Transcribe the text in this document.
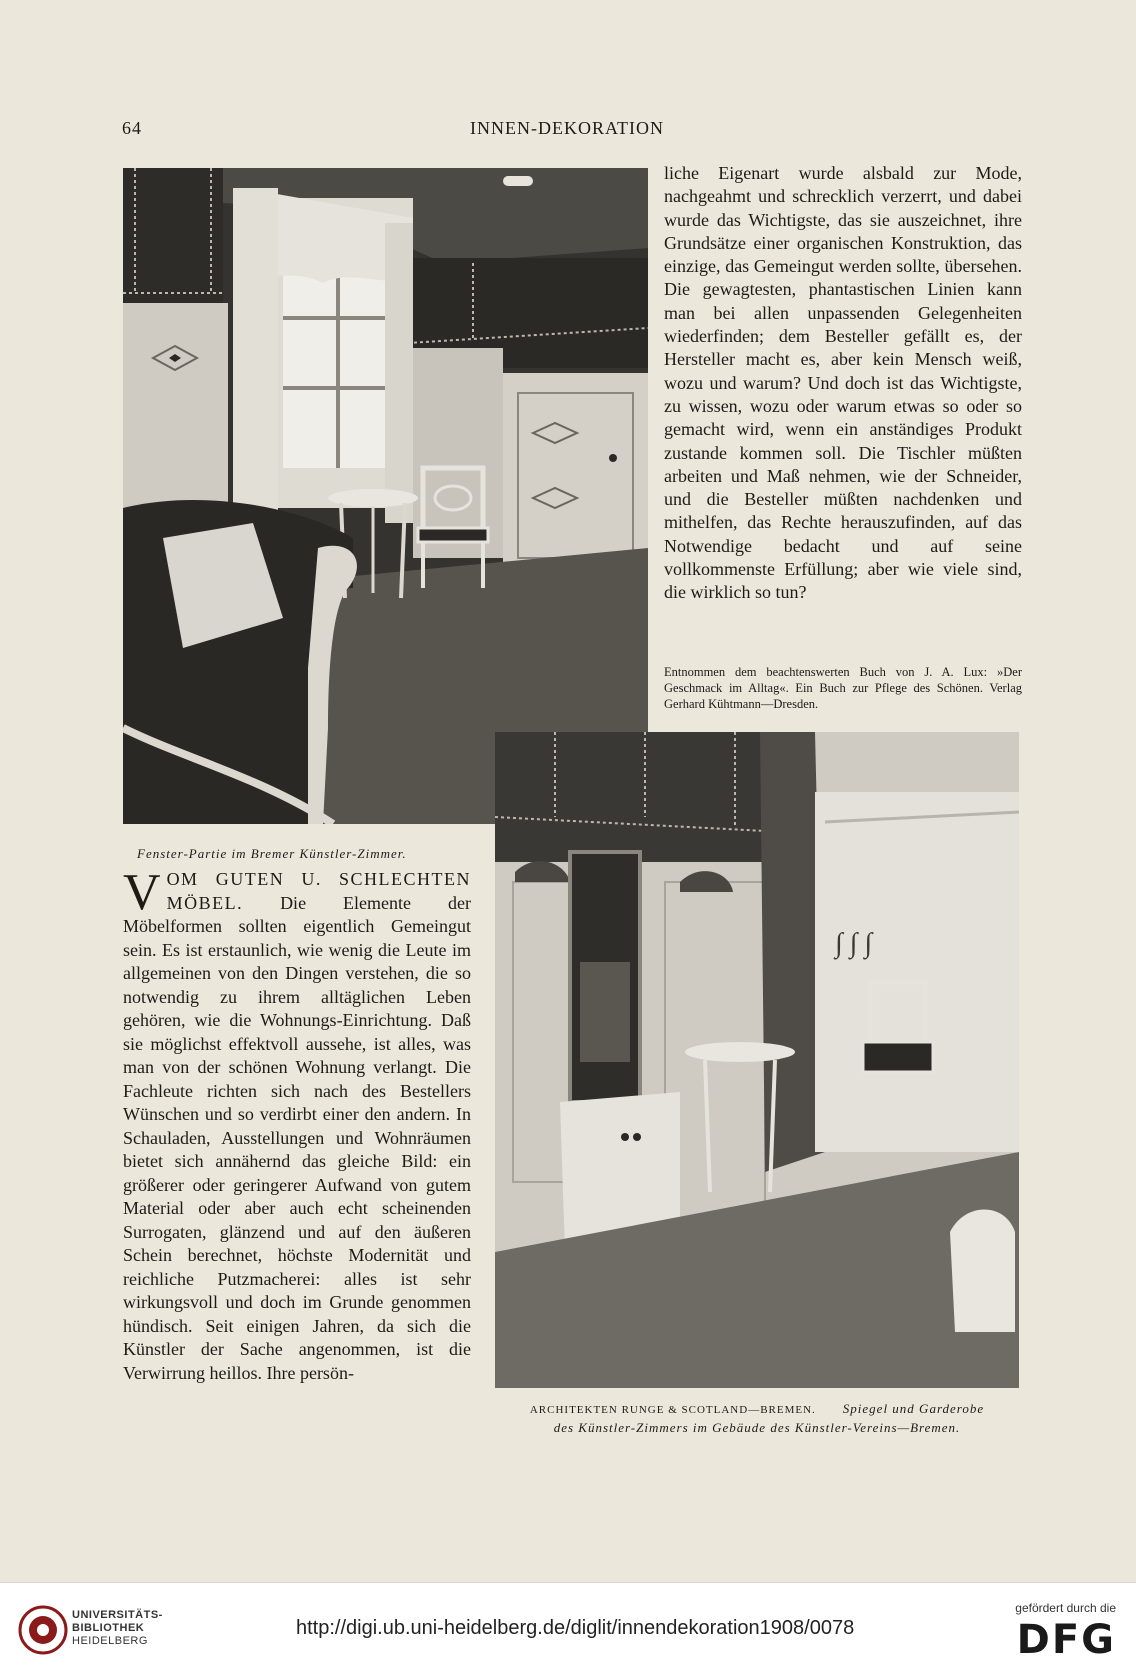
64	INNEN-DEKORATION
Fenster-Partie im Bremer Künstler-Zimmer.

liche Eigenart wurde alsbald zur Mode, nachgeahmt und schrecklich verzerrt, und dabei wurde das Wichtigste, das sie auszeichnet, ihre Grundsätze einer organischen Konstruktion, das einzige, das Gemeingut werden sollte, übersehen. Die gewagtesten, phantastischen Linien kann man bei allen unpassenden Gelegenheiten wiederfinden; dem Besteller gefällt es, der Hersteller macht es, aber kein Mensch weiß, wozu und warum? Und doch ist das Wichtigste, zu wissen, wozu oder warum etwas so oder so gemacht wird, wenn ein anständiges Produkt zustande kommen soll. Die Tischler müßten arbeiten und Maß nehmen, wie der Schneider, und die Besteller müßten nachdenken und mithelfen, das Rechte herauszufinden, auf das Notwendige bedacht und auf seine vollkommenste Erfüllung; aber wie viele sind, die wirklich so tun?

Entnommen dem beachtenswerten Buch von J. A. Lux: »Der Geschmack im Alltag«. Ein Buch zur Pflege des Schönen. Verlag Gerhard Kühtmann—Dresden.

VOM GUTEN U. SCHLECHTEN MÖBEL. Die Elemente der Möbelformen sollten eigentlich Gemeingut sein. Es ist erstaunlich, wie wenig die Leute im allgemeinen von den Dingen verstehen, die so notwendig zu ihrem alltäglichen Leben gehören, wie die Wohnungs-Einrichtung. Daß sie möglichst effektvoll aussehe, ist alles, was man von der schönen Wohnung verlangt. Die Fachleute richten sich nach des Bestellers Wünschen und so verdirbt einer den andern. In Schauladen, Ausstellungen und Wohnräumen bietet sich annähernd das gleiche Bild: ein größerer oder geringerer Aufwand von gutem Material oder aber auch echt scheinenden Surrogaten, glänzend und auf den äußeren Schein berechnet, höchste Modernität und reichliche Putzmacherei: alles ist sehr wirkungsvoll und doch im Grunde genommen hündisch. Seit einigen Jahren, da sich die Künstler der Sache angenommen, ist die Verwirrung heillos. Ihre persön-

∫ ∫ ∫
ARCHITEKTEN RUNGE & SCOTLAND—BREMEN. Spiegel und Garderobe
des Künstler-Zimmers im Gebäude des Künstler-Vereins—Bremen.
UNIVERSITÄTS-
BIBLIOTHEK
HEIDELBERG
http://digi.ub.uni-heidelberg.de/diglit/innendekoration1908/0078
gefördert durch die
DFG
